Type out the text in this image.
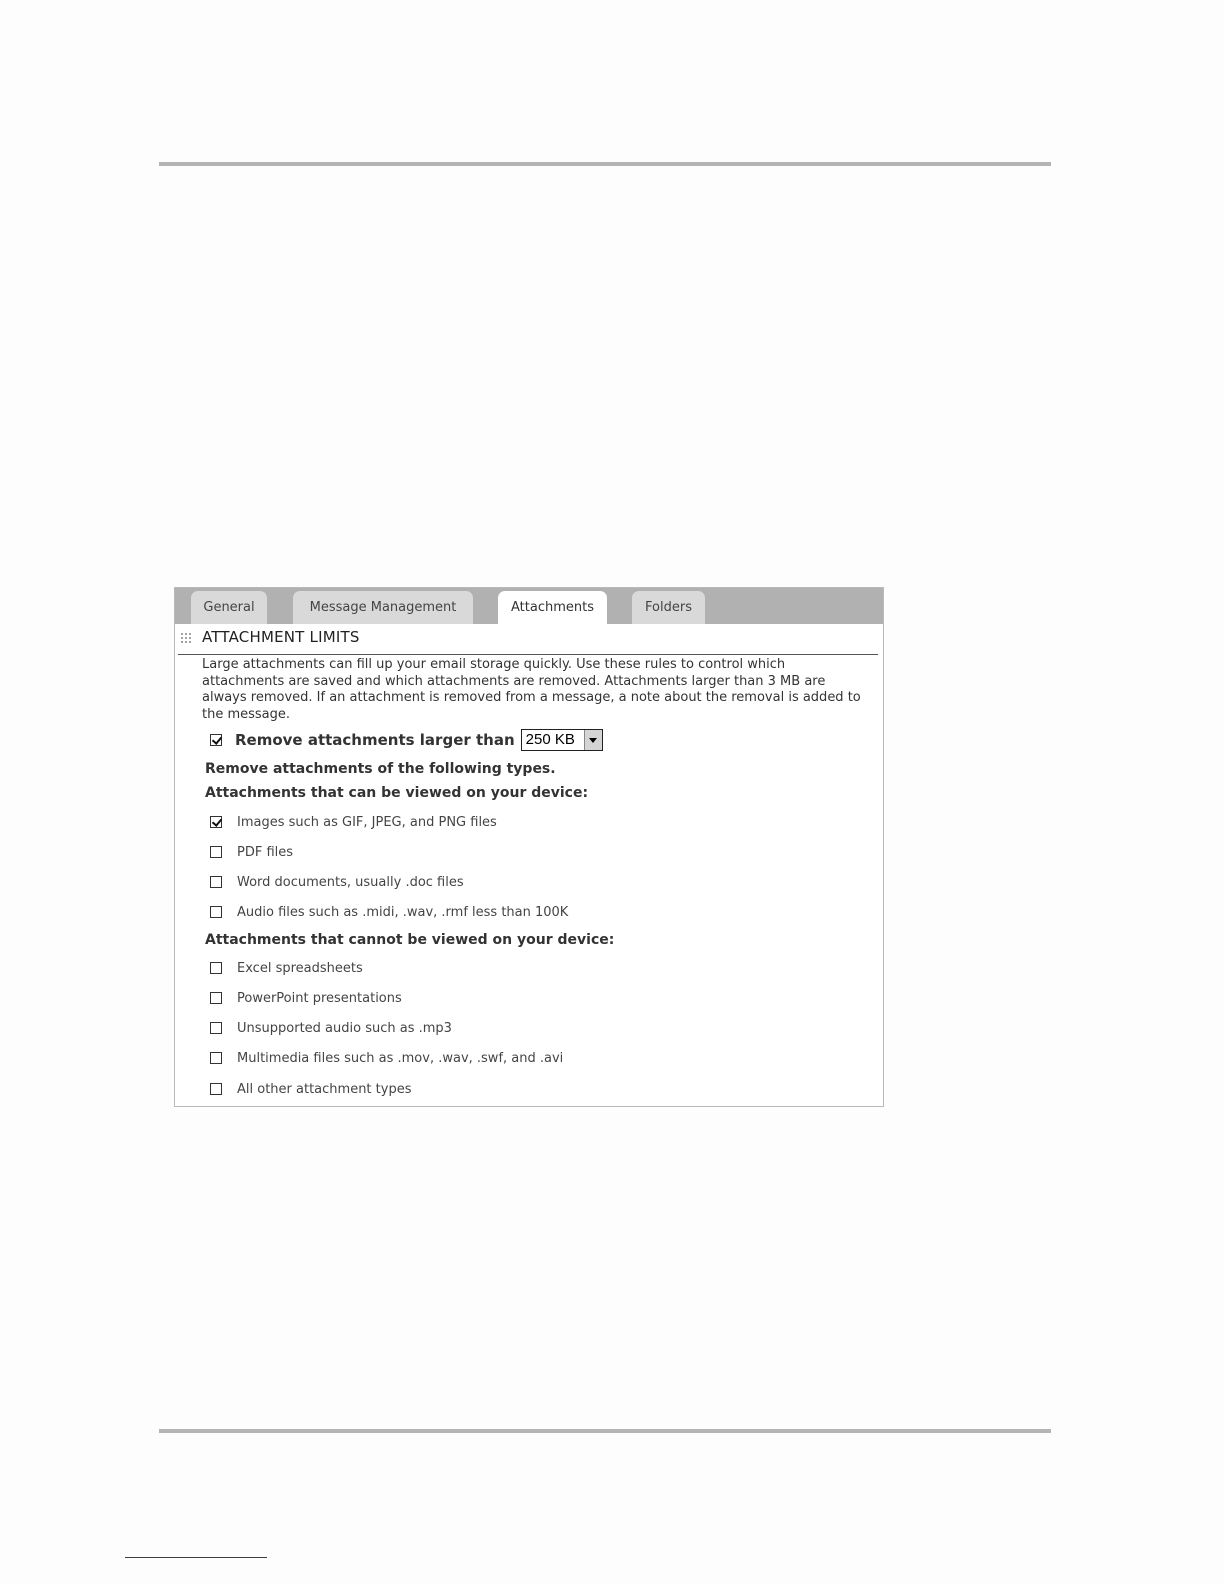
General	Message Management	Attachments	Folders
ATTACHMENT LIMITS
Large attachments can fill up your email storage quickly. Use these rules to control which attachments are saved and which attachments are removed. Attachments larger than 3 MB are always removed. If an attachment is removed from a message, a note about the removal is added to the message.
Remove attachments larger than 250 KB
Remove attachments of the following types.
Attachments that can be viewed on your device:
Images such as GIF, JPEG, and PNG files
PDF files
Word documents, usually .doc files
Audio files such as .midi, .wav, .rmf less than 100K
Attachments that cannot be viewed on your device:
Excel spreadsheets
PowerPoint presentations
Unsupported audio such as .mp3
Multimedia files such as .mov, .wav, .swf, and .avi
All other attachment types
